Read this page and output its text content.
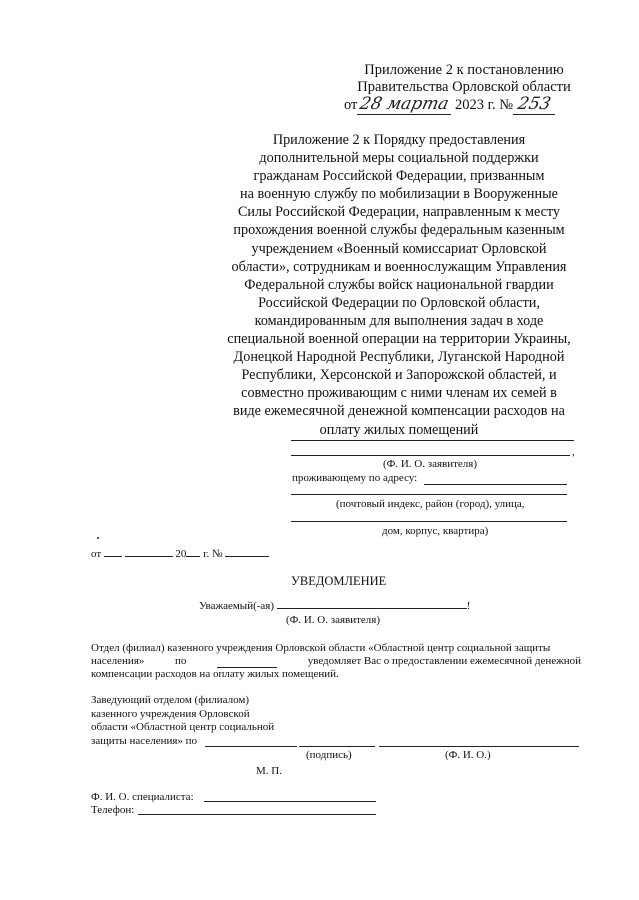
Приложение 2 к постановлению
Правительства Орловской области
от28 марта 2023 г. № 253
Приложение 2 к Порядку предоставления
дополнительной меры социальной поддержки
гражданам Российской Федерации, призванным
на военную службу по мобилизации в Вооруженные
Силы Российской Федерации, направленным к месту
прохождения военной службы федеральным казенным
учреждением «Военный комиссариат Орловской
области», сотрудникам и военнослужащим Управления
Федеральной службы войск национальной гвардии
Российской Федерации по Орловской области,
командированным для выполнения задач в ходе
специальной военной операции на территории Украины,
Донецкой Народной Республики, Луганской Народной
Республики, Херсонской и Запорожской областей, и
совместно проживающим с ними членам их семей в
виде ежемесячной денежной компенсации расходов на
оплату жилых помещений
,
(Ф. И. О. заявителя)
проживающему по адресу:
(почтовый индекс, район (город), улица,
дом, корпус, квартира)
от	20 г. №
УВЕДОМЛЕНИЕ
Уважаемый(-ая)	!
(Ф. И. О. заявителя)
Отдел (филиал) казенного учреждения Орловской области «Областной центр социальной защиты
населения»	по	уведомляет Вас о предоставлении ежемесячной денежной
компенсации расходов на оплату жилых помещений.
Заведующий отделом (филиалом)
казенного учреждения Орловской
области «Областной центр социальной
защиты населения» по
(подпись)	(Ф. И. О.)
М. П.
Ф. И. О. специалиста:
Телефон:
